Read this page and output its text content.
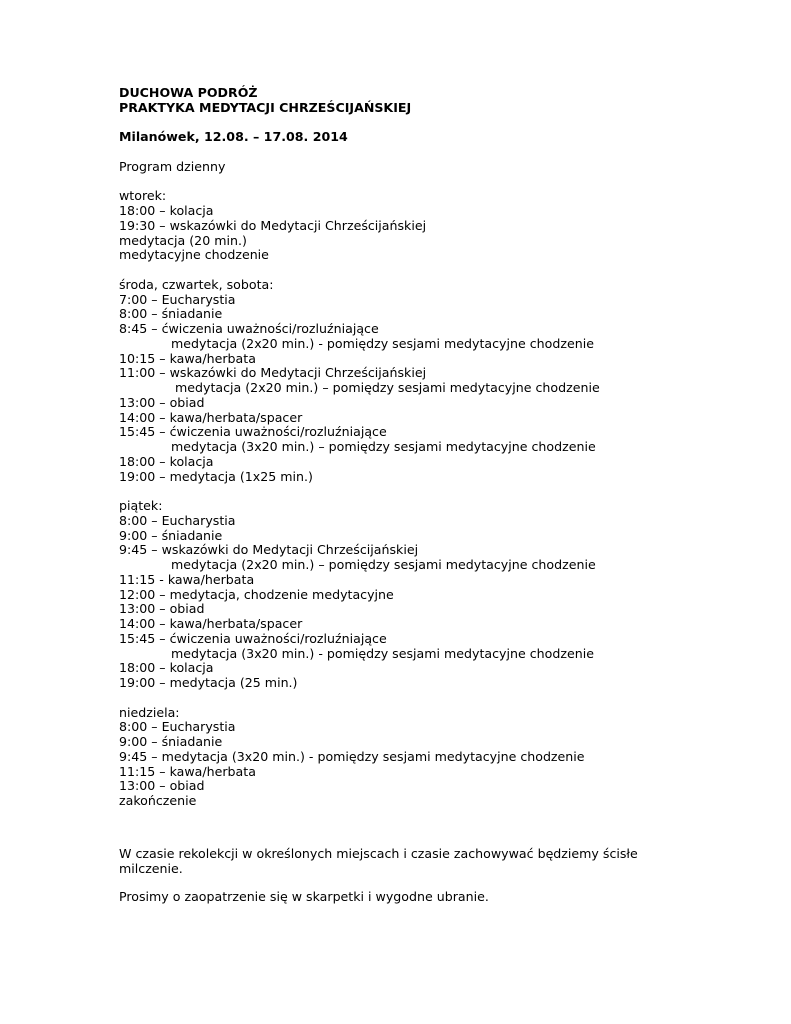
DUCHOWA PODRÓŻ
PRAKTYKA MEDYTACJI CHRZEŚCIJAŃSKIEJ
Milanówek, 12.08. – 17.08. 2014
Program dzienny
wtorek:
18:00 – kolacja
19:30 – wskazówki do Medytacji Chrześcijańskiej
medytacja (20 min.)
medytacyjne chodzenie
środa, czwartek, sobota:
7:00 – Eucharystia
8:00 – śniadanie
8:45 – ćwiczenia uważności/rozluźniające
medytacja (2x20 min.) - pomiędzy sesjami medytacyjne chodzenie
10:15 – kawa/herbata
11:00 – wskazówki do Medytacji Chrześcijańskiej
medytacja (2x20 min.) – pomiędzy sesjami medytacyjne chodzenie
13:00 – obiad
14:00 – kawa/herbata/spacer
15:45 – ćwiczenia uważności/rozluźniające
medytacja (3x20 min.) – pomiędzy sesjami medytacyjne chodzenie
18:00 – kolacja
19:00 – medytacja (1x25 min.)
piątek:
8:00 – Eucharystia
9:00 – śniadanie
9:45 – wskazówki do Medytacji Chrześcijańskiej
medytacja (2x20 min.) – pomiędzy sesjami medytacyjne chodzenie
11:15 - kawa/herbata
12:00 – medytacja, chodzenie medytacyjne
13:00 – obiad
14:00 – kawa/herbata/spacer
15:45 – ćwiczenia uważności/rozluźniające
medytacja (3x20 min.) - pomiędzy sesjami medytacyjne chodzenie
18:00 – kolacja
19:00 – medytacja (25 min.)
niedziela:
8:00 – Eucharystia
9:00 – śniadanie
9:45 – medytacja (3x20 min.) - pomiędzy sesjami medytacyjne chodzenie
11:15 – kawa/herbata
13:00 – obiad
zakończenie
W czasie rekolekcji w określonych miejscach i czasie zachowywać będziemy ścisłe milczenie.
Prosimy o zaopatrzenie się w skarpetki i wygodne ubranie.
